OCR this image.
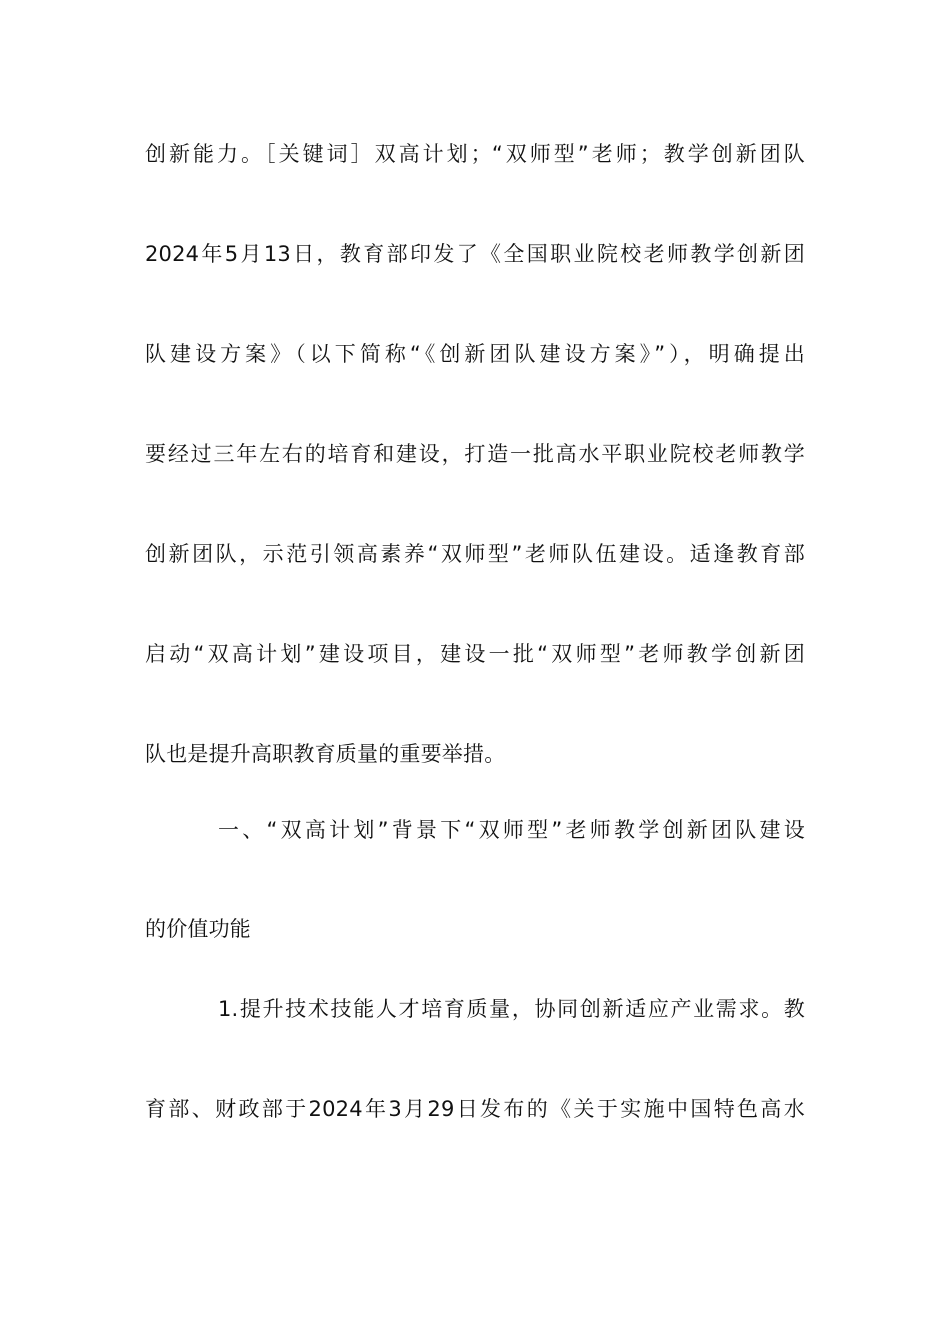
创新能力。［关键词］双高计划；“双师型”老师；教学创新团队
2024年5月13日，教育部印发了《全国职业院校老师教学创新团
队建设方案》（以下简称“《创新团队建设方案》”），明确提出
要经过三年左右的培育和建设，打造一批高水平职业院校老师教学
创新团队，示范引领高素养“双师型”老师队伍建设。适逢教育部
启动“双高计划”建设项目，建设一批“双师型”老师教学创新团
队也是提升高职教育质量的重要举措。
一、“双高计划”背景下“双师型”老师教学创新团队建设
的价值功能
1.提升技术技能人才培育质量，协同创新适应产业需求。教
育部、财政部于2024年3月29日发布的《关于实施中国特色高水
